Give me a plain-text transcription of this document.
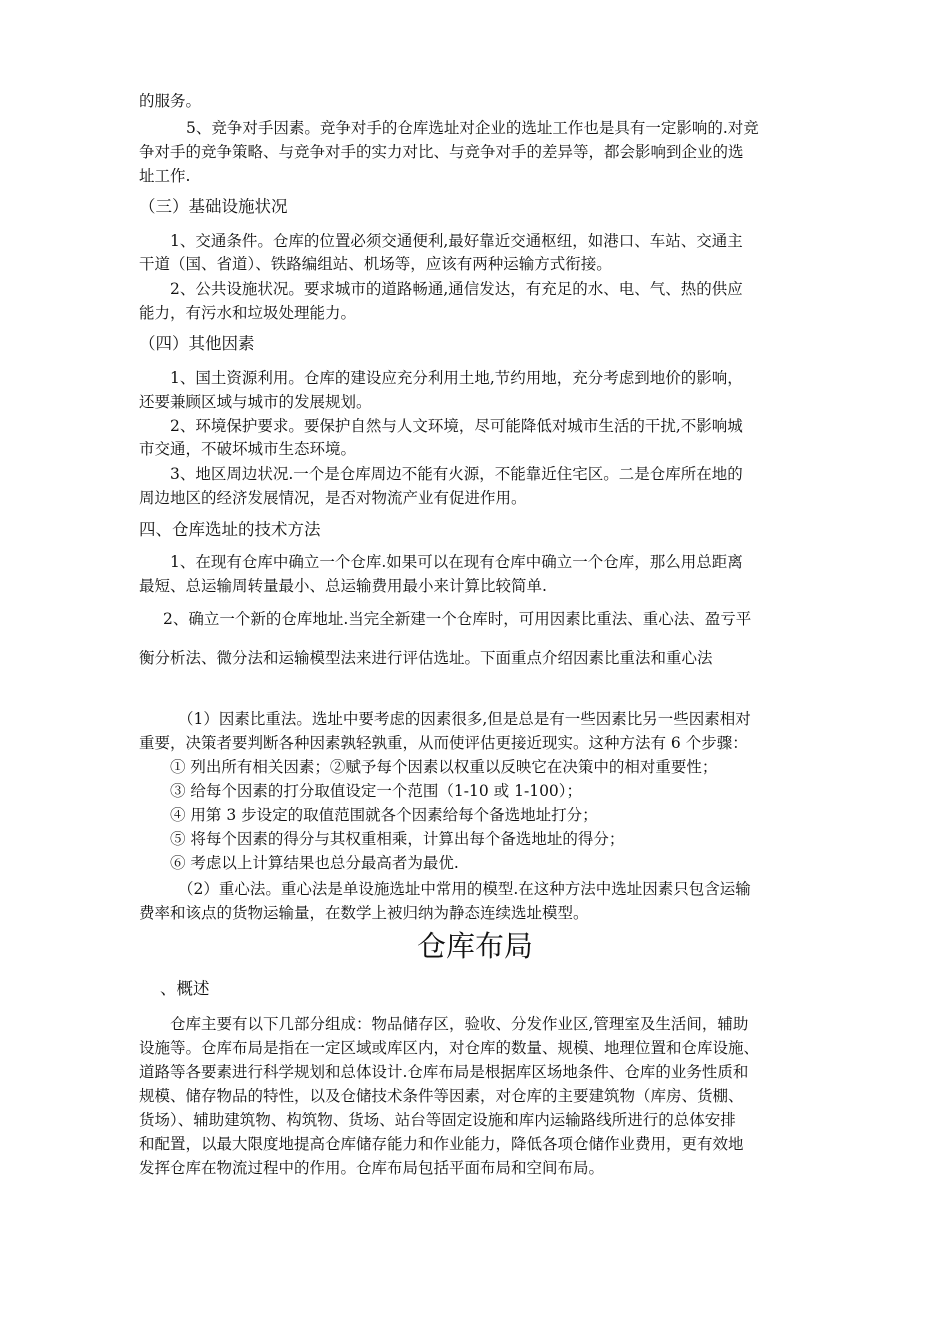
的服务。
5、竞争对手因素。竞争对手的仓库选址对企业的选址工作也是具有一定影响的.对竞
争对手的竞争策略、与竞争对手的实力对比、与竞争对手的差异等，都会影响到企业的选
址工作.
（三）基础设施状况
1、交通条件。仓库的位置必须交通便利,最好靠近交通枢纽，如港口、车站、交通主
干道（国、省道）、铁路编组站、机场等，应该有两种运输方式衔接。
2、公共设施状况。要求城市的道路畅通,通信发达，有充足的水、电、气、热的供应
能力，有污水和垃圾处理能力。
（四）其他因素
1、国土资源利用。仓库的建设应充分利用土地,节约用地，充分考虑到地价的影响，
还要兼顾区域与城市的发展规划。
2、环境保护要求。要保护自然与人文环境，尽可能降低对城市生活的干扰,不影响城
市交通，不破坏城市生态环境。
3、地区周边状况.一个是仓库周边不能有火源，不能靠近住宅区。二是仓库所在地的
周边地区的经济发展情况，是否对物流产业有促进作用。
四、仓库选址的技术方法
1、在现有仓库中确立一个仓库.如果可以在现有仓库中确立一个仓库，那么用总距离
最短、总运输周转量最小、总运输费用最小来计算比较简单.
2、确立一个新的仓库地址.当完全新建一个仓库时，可用因素比重法、重心法、盈亏平
衡分析法、微分法和运输模型法来进行评估选址。下面重点介绍因素比重法和重心法
（1）因素比重法。选址中要考虑的因素很多,但是总是有一些因素比另一些因素相对
重要，决策者要判断各种因素孰轻孰重，从而使评估更接近现实。这种方法有 6 个步骤：
① 列出所有相关因素；②赋予每个因素以权重以反映它在决策中的相对重要性；
③ 给每个因素的打分取值设定一个范围（1-10 或 1-100）；
④ 用第 3 步设定的取值范围就各个因素给每个备选地址打分；
⑤ 将每个因素的得分与其权重相乘，计算出每个备选地址的得分；
⑥ 考虑以上计算结果也总分最高者为最优.
（2）重心法。重心法是单设施选址中常用的模型.在这种方法中选址因素只包含运输
费率和该点的货物运输量，在数学上被归纳为静态连续选址模型。
仓库布局
、概述
仓库主要有以下几部分组成：物品储存区，验收、分发作业区,管理室及生活间，辅助
设施等。仓库布局是指在一定区域或库区内，对仓库的数量、规模、地理位置和仓库设施、
道路等各要素进行科学规划和总体设计.仓库布局是根据库区场地条件、仓库的业务性质和
规模、储存物品的特性，以及仓储技术条件等因素，对仓库的主要建筑物（库房、货棚、
货场）、辅助建筑物、构筑物、货场、站台等固定设施和库内运输路线所进行的总体安排
和配置，以最大限度地提高仓库储存能力和作业能力，降低各项仓储作业费用，更有效地
发挥仓库在物流过程中的作用。仓库布局包括平面布局和空间布局。
